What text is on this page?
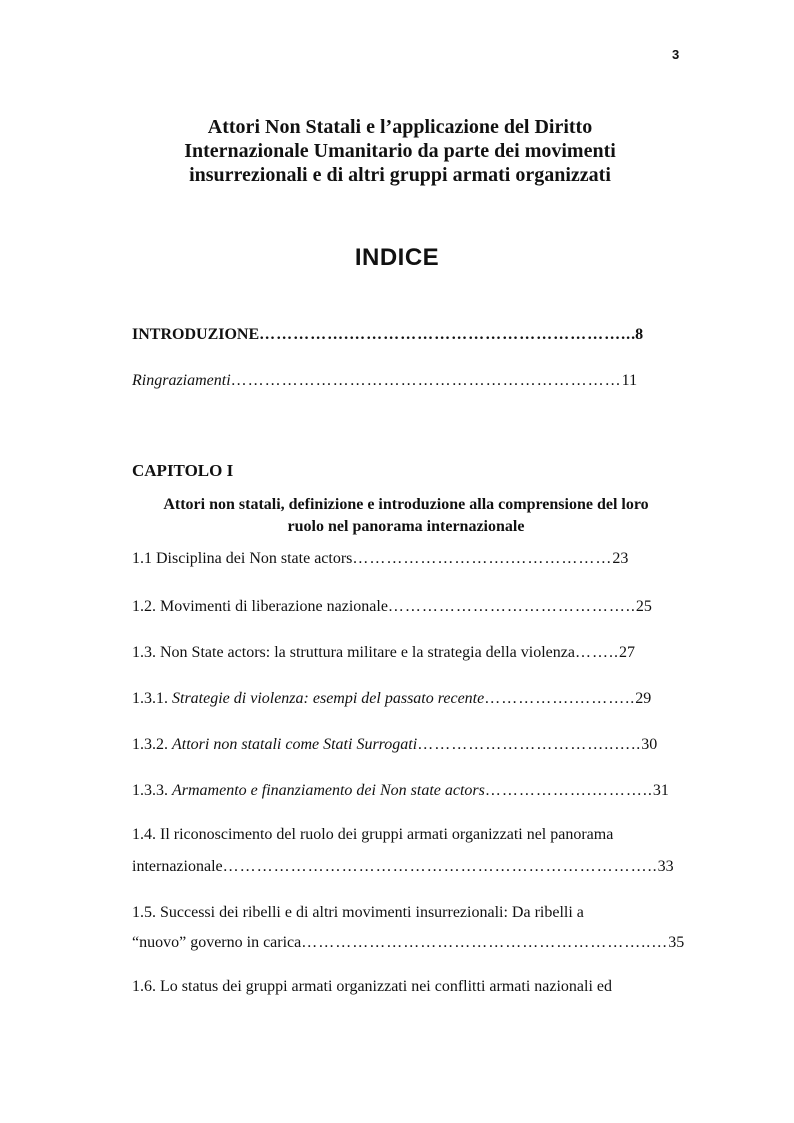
3
Attori Non Statali e l’applicazione del Diritto
Internazionale Umanitario da parte dei movimenti
insurrezionali e di altri gruppi armati organizzati
INDICE
INTRODUZIONE…………….…………………………………………...8
Ringraziamenti……………………………………………………………11
CAPITOLO I
Attori non statali, definizione e introduzione alla comprensione del loro
ruolo nel panorama internazionale
1.1 Disciplina dei Non state actors……………………….………………23
1.2. Movimenti di liberazione nazionale……………………………………..25
1.3. Non State actors: la struttura militare e la strategia della violenza……..27
1.3.1. Strategie di violenza: esempi del passato recente…………….………..29
1.3.2. Attori non statali come Stati Surrogati……………………………..…..30
1.3.3. Armamento e finanziamento dei Non state actors……………….………..31
1.4. Il riconoscimento del ruolo dei gruppi armati organizzati nel panorama
internazionale…………………………………………………………………..33
1.5. Successi dei ribelli e di altri movimenti insurrezionali: Da ribelli a
“nuovo” governo in carica……………………………………………………..…35
1.6. Lo status dei gruppi armati organizzati nei conflitti armati nazionali ed
